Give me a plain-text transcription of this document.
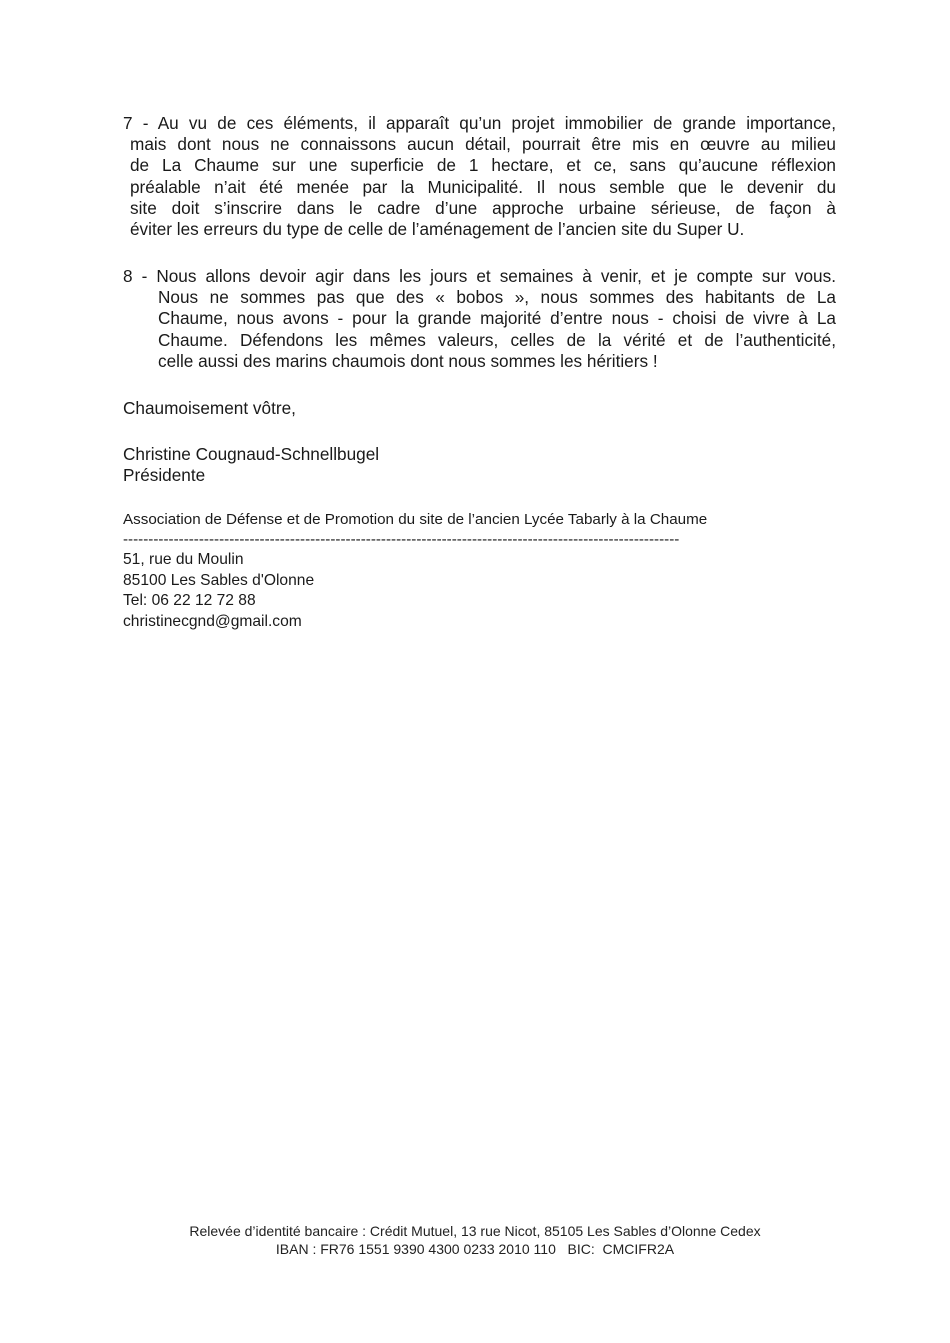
7 - Au vu de ces éléments, il apparaît qu’un projet immobilier de grande importance,
mais dont nous ne connaissons aucun détail, pourrait être mis en œuvre au milieu
de La Chaume sur une superficie de 1 hectare, et ce, sans qu’aucune réflexion
préalable n’ait été menée par la Municipalité. Il nous semble que le devenir du
site doit s’inscrire dans le cadre d’une approche urbaine sérieuse, de façon à
éviter les erreurs du type de celle de l’aménagement de l’ancien site du Super U.
8 - Nous allons devoir agir dans les jours et semaines à venir, et je compte sur vous.
Nous ne sommes pas que des « bobos », nous sommes des habitants de La
Chaume, nous avons - pour la grande majorité d’entre nous - choisi de vivre à La
Chaume. Défendons les mêmes valeurs, celles de la vérité et de l’authenticité,
celle aussi des marins chaumois dont nous sommes les héritiers !
Chaumoisement vôtre,
Christine Cougnaud-Schnellbugel
Présidente
Association de Défense et de Promotion du site de l’ancien Lycée Tabarly à la Chaume
--------------------------------------------------------------------------------------------------------------
51, rue du Moulin
85100 Les Sables d'Olonne
Tel: 06 22 12 72 88
christinecgnd@gmail.com
Relevée d’identité bancaire : Crédit Mutuel, 13 rue Nicot, 85105 Les Sables d’Olonne Cedex
IBAN : FR76 1551 9390 4300 0233 2010 110   BIC:  CMCIFR2A
